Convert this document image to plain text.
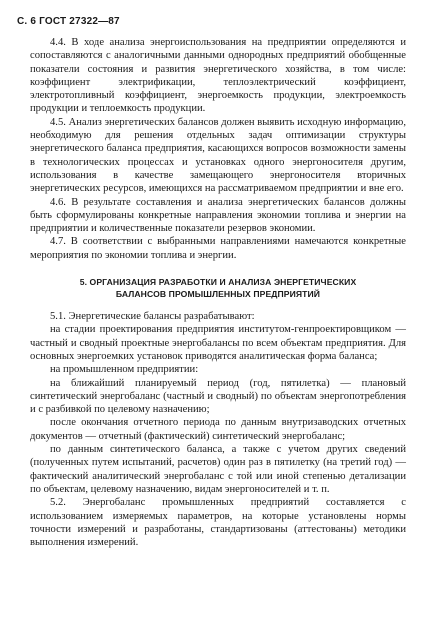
С. 6 ГОСТ 27322—87

4.4. В ходе анализа энергоиспользования на предприятии определяются и сопоставляются с аналогичными данными однородных предприятий обобщенные показатели состояния и развития энергетического хозяйства, в том числе: коэффициент электрификации, теплоэлектрический коэффициент, электротопливный коэффициент, энергоемкость продукции, электроемкость продукции и теплоемкость продукции.

4.5. Анализ энергетических балансов должен выявить исходную информацию, необходимую для решения отдельных задач оптимизации структуры энергетического баланса предприятия, касающихся вопросов возможности замены в технологических процессах и установках одного энергоносителя другим, использования в качестве замещающего энергоносителя вторичных энергетических ресурсов, имеющихся на рассматриваемом предприятии и вне его.

4.6. В результате составления и анализа энергетических балансов должны быть сформулированы конкретные направления экономии топлива и энергии на предприятии и количественные показатели резервов экономии.

4.7. В соответствии с выбранными направлениями намечаются конкретные мероприятия по экономии топлива и энергии.

5. ОРГАНИЗАЦИЯ РАЗРАБОТКИ И АНАЛИЗА ЭНЕРГЕТИЧЕСКИХ
БАЛАНСОВ ПРОМЫШЛЕННЫХ ПРЕДПРИЯТИЙ

5.1. Энергетические балансы разрабатывают:

на стадии проектирования предприятия институтом-генпроектировщиком — частный и сводный проектные энергобалансы по всем объектам предприятия. Для основных энергоемких установок приводятся аналитическая форма баланса;

на промышленном предприятии:

на ближайший планируемый период (год, пятилетка) — плановый синтетический энергобаланс (частный и сводный) по объектам энергопотребления и с разбивкой по целевому назначению;

после окончания отчетного периода по данным внутризаводских отчетных документов — отчетный (фактический) синтетический энергобаланс;

по данным синтетического баланса, а также с учетом других сведений (полученных путем испытаний, расчетов) один раз в пятилетку (на третий год) — фактический аналитический энергобаланс с той или иной степенью детализации по объектам, целевому назначению, видам энергоносителей и т. п.

5.2. Энергобаланс промышленных предприятий составляется с использованием измеряемых параметров, на которые установлены нормы точности измерений и разработаны, стандартизованы (аттестованы) методики выполнения измерений.
